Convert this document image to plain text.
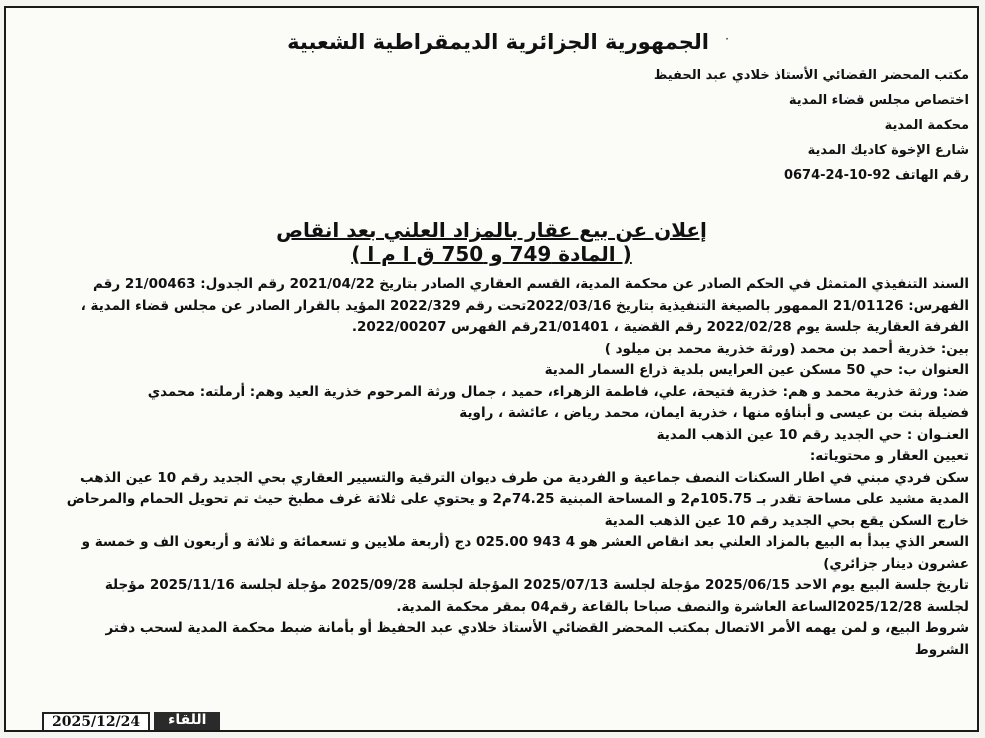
·
الجمهورية الجزائرية الديمقراطية الشعبية
مكتب المحضر القضائي الأستاذ خلادي عبد الحفيظ
اختصاص مجلس قضاء المدية
محكمة المدية
شارع الإخوة كاديك المدية
رقم الهاتف 0674-24-10-92
إعلان عن بيع عقار بالمزاد العلني بعد انقاص
( المادة 749 و 750 ق ا م ا )

السند التنفيذي المتمثل في الحكم الصادر عن محكمة المدية، القسم العقاري الصادر بتاريخ 2021/04/22 رقم الجدول: 21/00463 رقم
الفهرس: 21/01126 الممهور بالصيغة التنفيذية بتاريخ 2022/03/16تحت رقم 2022/329 المؤيد بالقرار الصادر عن مجلس قضاء المدية ،
الفرفة العقارية جلسة يوم 2022/02/28 رقم القضية ، 21/01401رقم الفهرس 2022/00207.

بين: خذرية أحمد بن محمد (ورثة خذرية محمد بن ميلود )

العنوان ب: حي 50 مسكن عين العرايس بلدية ذراع السمار المدية

ضد: ورثة خذرية محمد و هم: خذرية فتيحة، علي، فاطمة الزهراء، حميد ، جمال ورثة المرحوم خذرية العيد وهم: أرملته: محمدي
فضيلة بنت بن عيسى و أبناؤه منها ، خذرية ايمان، محمد رياض ، عائشة ، راوية

العنـوان : حي الجديد رقم 10 عين الذهب المدية

تعيين العقار و محتوياته:

سكن فردي مبني في اطار السكنات النصف جماعية و الفردية من طرف ديوان الترقية والتسيير العقاري بحي الجديد رقم 10 عين الذهب
المدية مشيد على مساحة تقدر بـ 105.75م2 و المساحة المبنية 74.25م2 و يحتوي على ثلاثة غرف مطبخ حيث تم تحويل الحمام والمرحاض
خارج السكن يقع بحي الجديد رقم 10 عين الذهب المدية

السعر الذي يبدأ به البيع بالمزاد العلني بعد انقاص العشر هو 4 943 025.00 دج (أربعة ملايين و تسعمائة و ثلاثة و أربعون الف و خمسة و
عشرون دينار جزائري)

تاريخ جلسة البيع يوم الاحد 2025/06/15 مؤجلة لجلسة 2025/07/13 المؤجلة لجلسة 2025/09/28 مؤجلة لجلسة 2025/11/16 مؤجلة
لجلسة 2025/12/28الساعة العاشرة والنصف صباحا بالقاعة رقم04 بمقر محكمة المدية.

شروط البيع، و لمن يهمه الأمر الاتصال بمكتب المحضر القضائي الأستاذ خلادي عبد الحفيظ أو بأمانة ضبط محكمة المدية لسحب دفتر
الشروط

2025/12/24	اللقاء
